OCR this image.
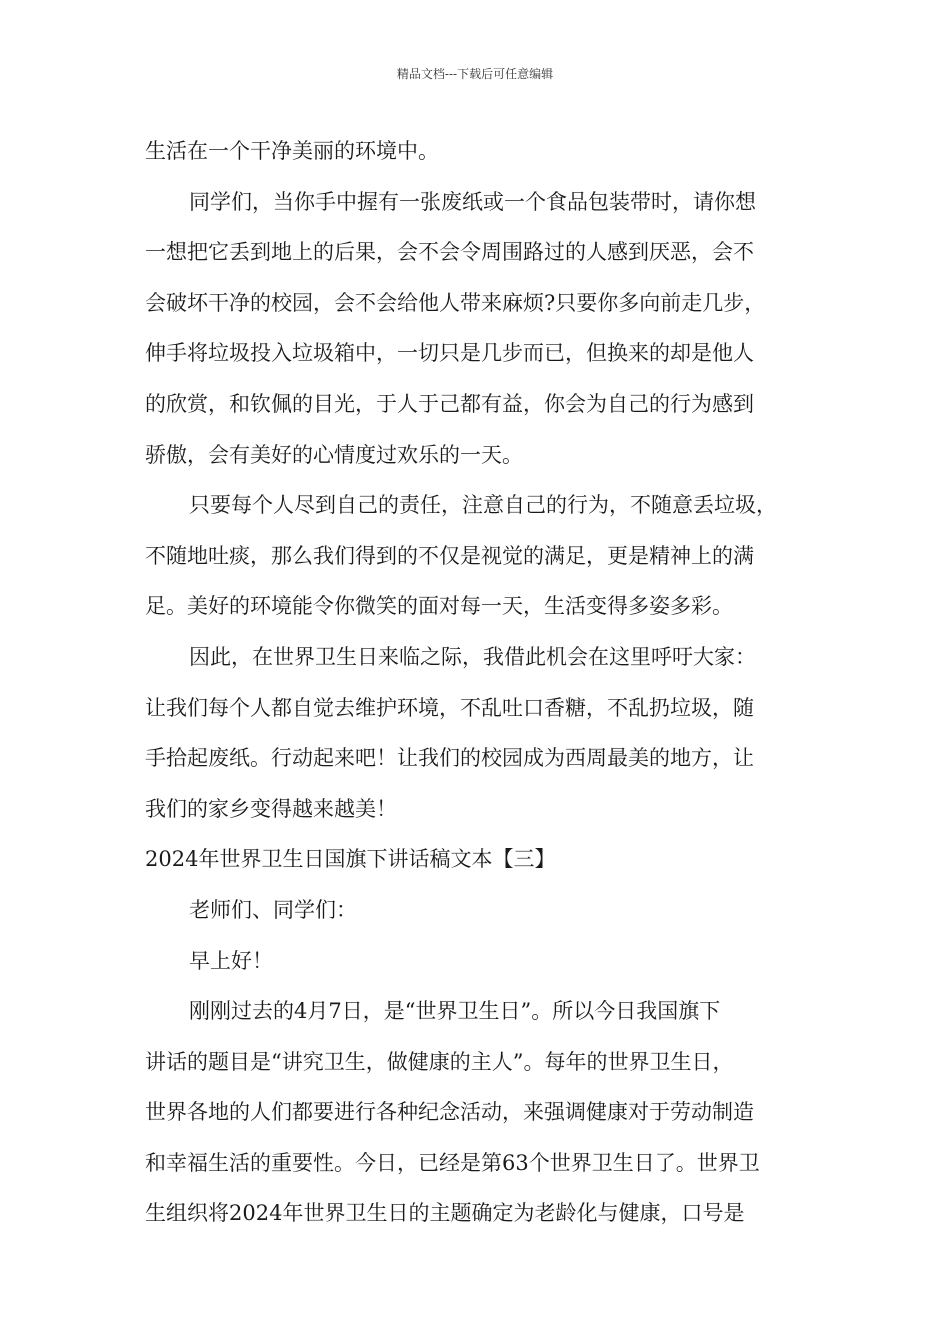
精品文档---下载后可任意编辑
生活在一个干净美丽的环境中。
同学们，当你手中握有一张废纸或一个食品包装带时，请你想
一想把它丢到地上的后果，会不会令周围路过的人感到厌恶，会不
会破坏干净的校园，会不会给他人带来麻烦?只要你多向前走几步，
伸手将垃圾投入垃圾箱中，一切只是几步而已，但换来的却是他人
的欣赏，和钦佩的目光，于人于己都有益，你会为自己的行为感到
骄傲，会有美好的心情度过欢乐的一天。
只要每个人尽到自己的责任，注意自己的行为，不随意丢垃圾，
不随地吐痰，那么我们得到的不仅是视觉的满足，更是精神上的满
足。美好的环境能令你微笑的面对每一天，生活变得多姿多彩。
因此，在世界卫生日来临之际，我借此机会在这里呼吁大家：
让我们每个人都自觉去维护环境，不乱吐口香糖，不乱扔垃圾，随
手拾起废纸。行动起来吧！让我们的校园成为西周最美的地方，让
我们的家乡变得越来越美！
2024年世界卫生日国旗下讲话稿文本【三】
老师们、同学们：
早上好！
刚刚过去的4月7日，是“世界卫生日”。所以今日我国旗下
讲话的题目是“讲究卫生，做健康的主人”。每年的世界卫生日，
世界各地的人们都要进行各种纪念活动，来强调健康对于劳动制造
和幸福生活的重要性。今日，已经是第63个世界卫生日了。世界卫
生组织将2024年世界卫生日的主题确定为老龄化与健康，口号是
